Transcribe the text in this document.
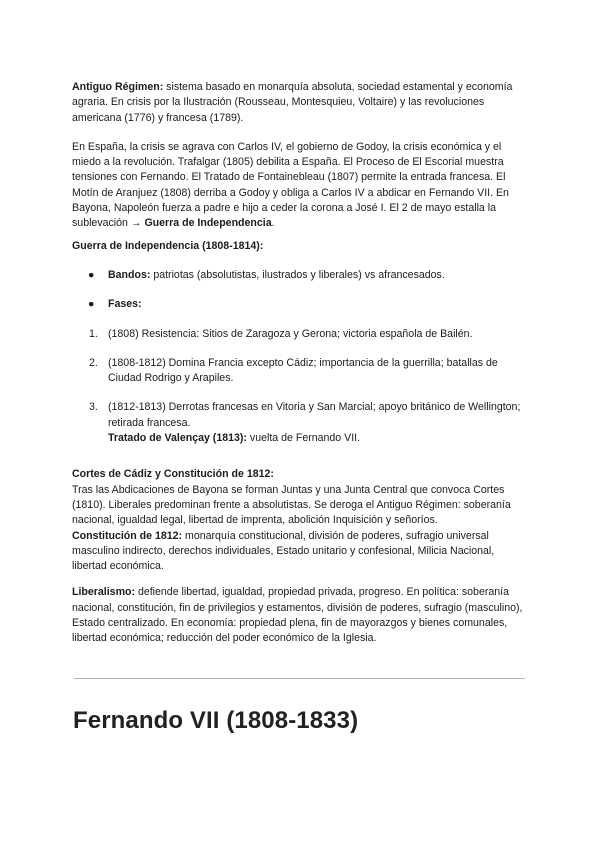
Antiguo Régimen: sistema basado en monarquía absoluta, sociedad estamental y economía agraria. En crisis por la Ilustración (Rousseau, Montesquieu, Voltaire) y las revoluciones americana (1776) y francesa (1789).

En España, la crisis se agrava con Carlos IV, el gobierno de Godoy, la crisis económica y el miedo a la revolución. Trafalgar (1805) debilita a España. El Proceso de El Escorial muestra tensiones con Fernando. El Tratado de Fontainebleau (1807) permite la entrada francesa. El Motín de Aranjuez (1808) derriba a Godoy y obliga a Carlos IV a abdicar en Fernando VII. En Bayona, Napoleón fuerza a padre e hijo a ceder la corona a José I. El 2 de mayo estalla la sublevación → Guerra de Independencia.

Guerra de Independencia (1808-1814):

● Bandos: patriotas (absolutistas, ilustrados y liberales) vs afrancesados.

● Fases:

1. (1808) Resistencia: Sitios de Zaragoza y Gerona; victoria española de Bailén.

2. (1808-1812) Domina Francia excepto Cádiz; importancia de la guerrilla; batallas de Ciudad Rodrigo y Arapiles.

3. (1812-1813) Derrotas francesas en Vitoria y San Marcial; apoyo británico de Wellington; retirada francesa.

Tratado de Valençay (1813): vuelta de Fernando VII.

Cortes de Cádiz y Constitución de 1812:

Tras las Abdicaciones de Bayona se forman Juntas y una Junta Central que convoca Cortes (1810). Liberales predominan frente a absolutistas. Se deroga el Antiguo Régimen: soberanía nacional, igualdad legal, libertad de imprenta, abolición Inquisición y señoríos.

Constitución de 1812: monarquía constitucional, división de poderes, sufragio universal masculino indirecto, derechos individuales, Estado unitario y confesional, Milicia Nacional, libertad económica.

Liberalismo: defiende libertad, igualdad, propiedad privada, progreso. En política: soberanía nacional, constitución, fin de privilegios y estamentos, división de poderes, sufragio (masculino), Estado centralizado. En economía: propiedad plena, fin de mayorazgos y bienes comunales, libertad económica; reducción del poder económico de la Iglesia.

Fernando VII (1808-1833)
